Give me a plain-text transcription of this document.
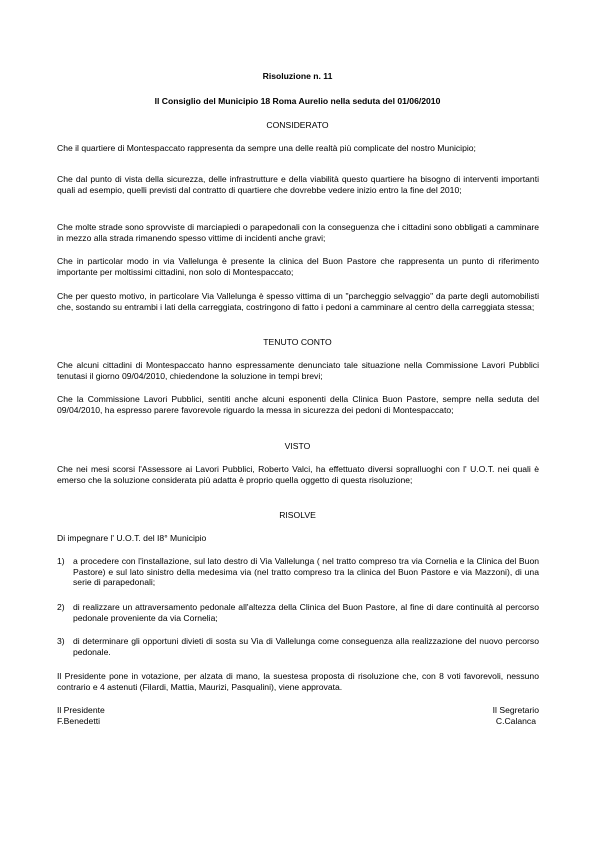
Risoluzione n. 11
Il Consiglio del Municipio 18 Roma Aurelio nella seduta del 01/06/2010
CONSIDERATO

Che il quartiere di Montespaccato rappresenta da sempre una delle realtà più complicate del nostro Municipio;

Che dal punto di vista della sicurezza, delle infrastrutture e della viabilità questo quartiere ha bisogno di interventi importanti quali ad esempio, quelli previsti dal contratto di quartiere che dovrebbe vedere inizio entro la fine del 2010;

Che molte strade sono sprovviste di marciapiedi o parapedonali con la conseguenza che i cittadini sono obbligati a camminare in mezzo alla strada rimanendo spesso vittime di incidenti anche gravi;

Che in particolar modo in via Vallelunga è presente la clinica del Buon Pastore che rappresenta un punto di riferimento importante per moltissimi cittadini, non solo di Montespaccato;

Che per questo motivo, in particolare Via Vallelunga è spesso vittima di un "parcheggio selvaggio" da parte degli automobilisti che, sostando su entrambi i lati della carreggiata, costringono di fatto i pedoni a camminare al centro della carreggiata stessa;

TENUTO CONTO

Che alcuni cittadini di Montespaccato hanno espressamente denunciato tale situazione nella Commissione Lavori Pubblici tenutasi il giorno 09/04/2010, chiedendone la soluzione in tempi brevi;

Che la Commissione Lavori Pubblici, sentiti anche alcuni esponenti della Clinica Buon Pastore, sempre nella seduta del 09/04/2010, ha espresso parere favorevole riguardo la messa in sicurezza dei pedoni di Montespaccato;

VISTO

Che nei mesi scorsi l'Assessore ai Lavori Pubblici, Roberto Valci, ha effettuato diversi sopralluoghi con l' U.O.T. nei quali è emerso che la soluzione considerata più adatta è proprio quella oggetto di questa risoluzione;

RISOLVE
Di impegnare l' U.O.T. del I8° Municipio
1) a procedere con l'installazione, sul lato destro di Via Vallelunga ( nel tratto compreso tra via Cornelia e la Clinica del Buon Pastore) e sul lato sinistro della medesima via (nel tratto compreso tra la clinica del Buon Pastore e via Mazzoni), di una serie di parapedonali;
2) di realizzare un attraversamento pedonale all'altezza della Clinica del Buon Pastore, al fine di dare continuità al percorso pedonale proveniente da via Cornelia;
3) di determinare gli opportuni divieti di sosta su Via di Vallelunga come conseguenza alla realizzazione del nuovo percorso pedonale.

Il Presidente pone in votazione, per alzata di mano, la suestesa proposta di risoluzione che, con 8 voti favorevoli, nessuno contrario e 4 astenuti (Filardi, Mattia, Maurizi, Pasqualini), viene approvata.

Il Presidente
F.Benedetti
Il Segretario
C.Calanca
